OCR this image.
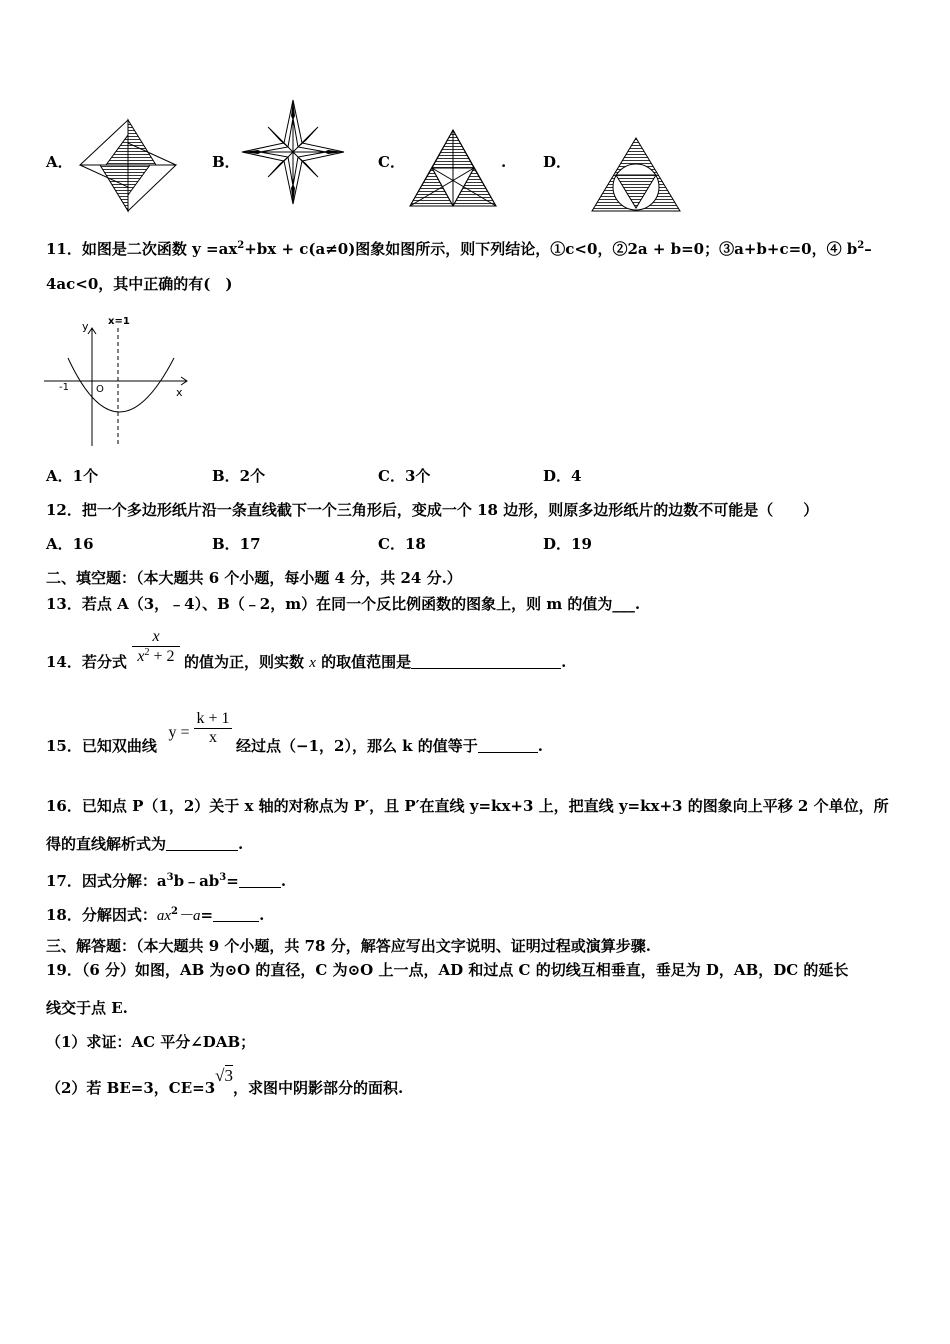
A．	B．	C．	. D．
11．如图是二次函数 $y =ax^2+bx + c(a\ne 0)$图象如图所示，则下列结论，①c<0，②2a + b=0；③a+b+c=0，④ $b^2-$
4ac<0，其中正确的有(　)
y
x
x=1
-1	O
A．1个	B．2个	C．3个	D．4
12．把一个多边形纸片沿一条直线截下一个三角形后，变成一个 18 边形，则原多边形纸片的边数不可能是（　　）
A．16	B．17	C．18	D．19
二、填空题：（本大题共 6 个小题，每小题 4 分，共 24 分.）
13．若点 A（3，﹣4）、B（﹣2，m）在同一个反比例函数的图象上，则 m 的值为___.
14．若分式 $\frac{x}{x^2 + 2}$ 的值为正，则实数 x 的取值范围是	.
15．已知双曲线
$y = \frac{k + 1}{x}$ 经过点（−1，2），那么 k 的值等于	.
16．已知点 P（1，2）关于 x 轴的对称点为 P′，且 P′在直线 y=kx+3 上，把直线 y=kx+3 的图象向上平移 2 个单位，所
得的直线解析式为	.
17．因式分解：$a^3b﹣ab^3=$	.
18．分解因式：$ax^2-a=$	.
三、解答题：（本大题共 9 个小题，共 78 分，解答应写出文字说明、证明过程或演算步骤.
19．（6 分）如图，AB 为⊙O 的直径，C 为⊙O 上一点，AD 和过点 C 的切线互相垂直，垂足为 D，AB，DC 的延长
线交于点 E.
（1）求证：AC 平分∠DAB；
（2）若 BE=3，CE=3√3，求图中阴影部分的面积.
